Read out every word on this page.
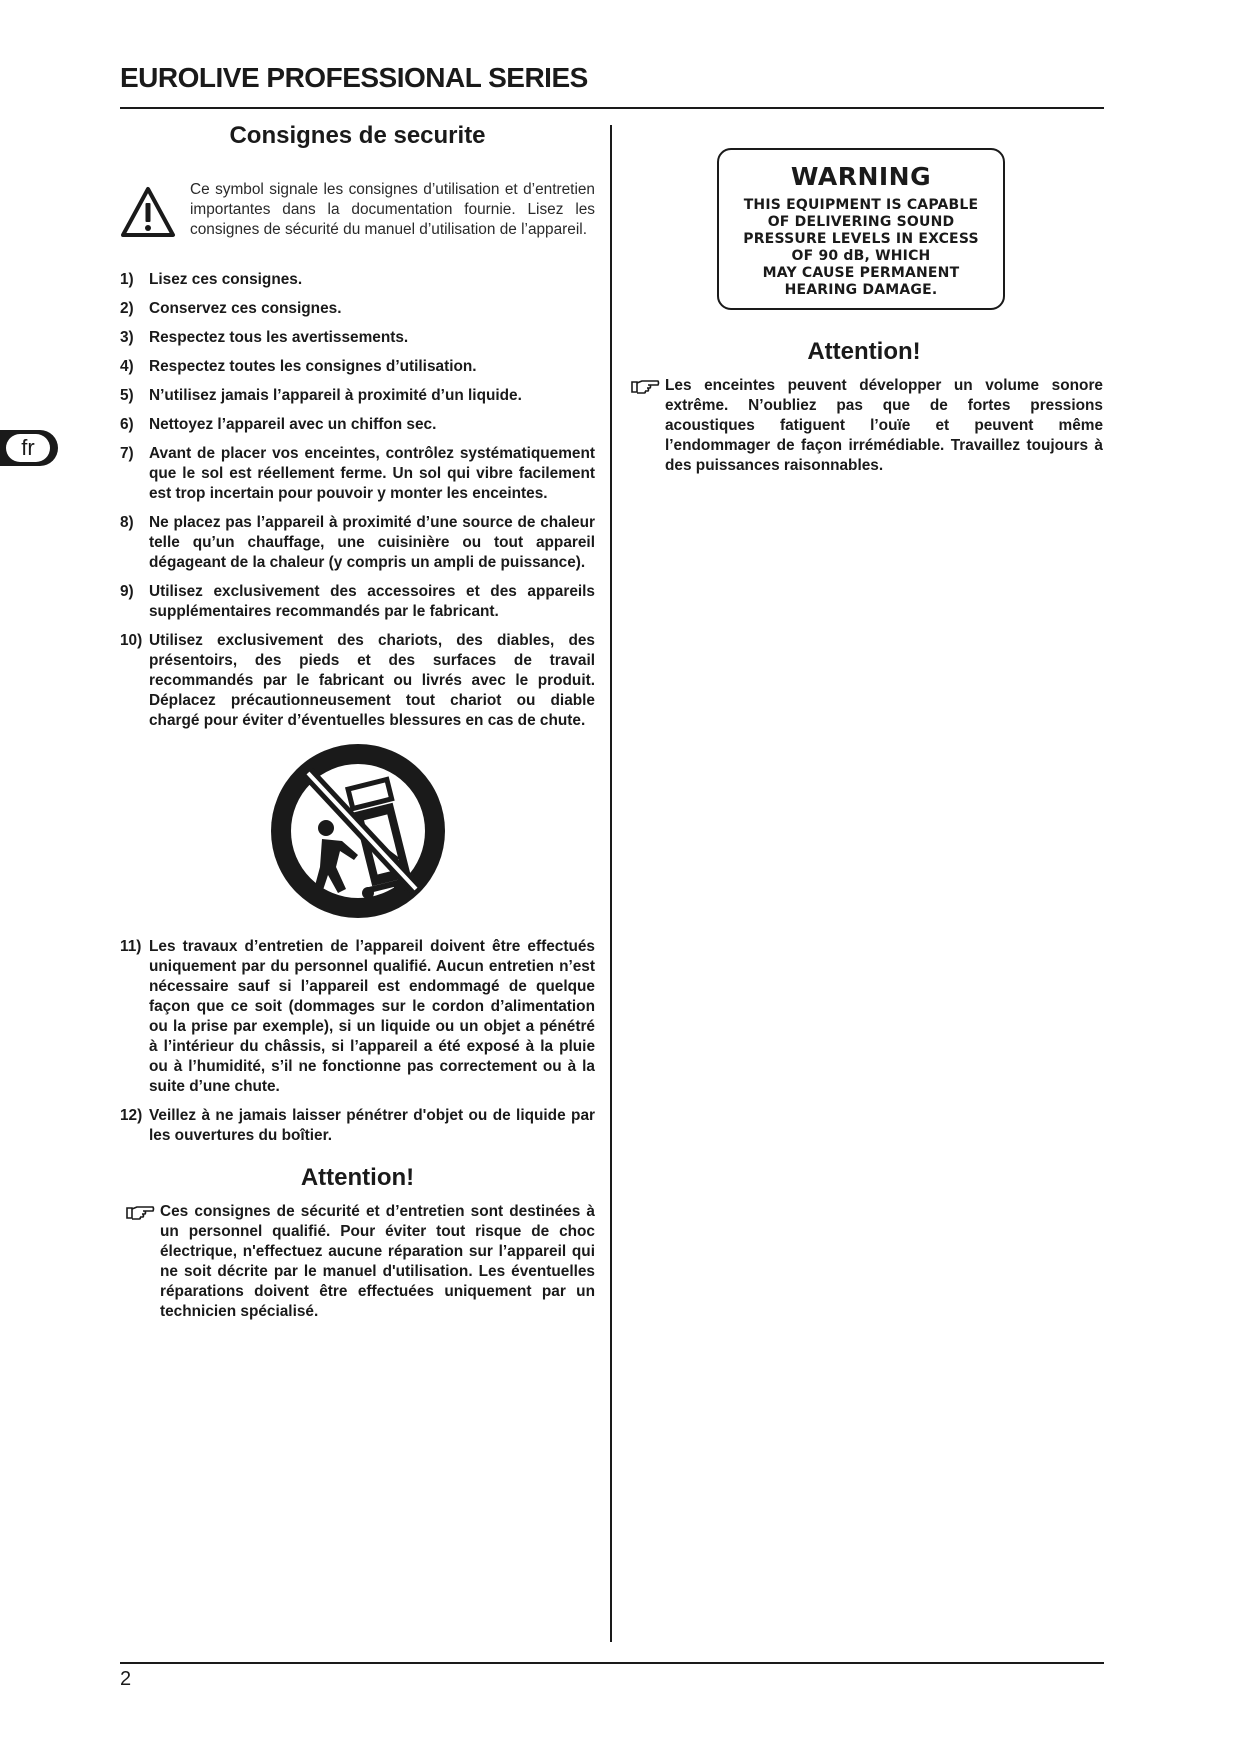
EUROLIVE PROFESSIONAL SERIES
fr
Consignes de securite
Ce symbol signale les consignes d’utilisation et d’entretien importantes dans la documentation fournie. Lisez les consignes de sécurité du manuel d’utilisation de l’appareil.
1) Lisez ces consignes.
2) Conservez ces consignes.
3) Respectez tous les avertissements.
4) Respectez toutes les consignes d’utilisation.
5) N’utilisez jamais l’appareil à proximité d’un liquide.
6) Nettoyez l’appareil avec un chiffon sec.
7) Avant de placer vos enceintes, contrôlez systématiquement que le sol est réellement ferme. Un sol qui vibre facilement est trop incertain pour pouvoir y monter les enceintes.
8) Ne placez pas l’appareil à proximité d’une source de chaleur telle qu’un chauffage, une cuisinière ou tout appareil dégageant de la chaleur (y compris un ampli de puissance).
9) Utilisez exclusivement des accessoires et des appareils supplémentaires recommandés par le fabricant.
10) Utilisez exclusivement des chariots, des diables, des présentoirs, des pieds et des surfaces de travail recommandés par le fabricant ou livrés avec le produit. Déplacez précautionneusement tout chariot ou diable chargé pour éviter d’éventuelles blessures en cas de chute.
11) Les travaux d’entretien de l’appareil doivent être effectués uniquement par du personnel qualifié. Aucun entretien n’est nécessaire sauf si l’appareil est endommagé de quelque façon que ce soit (dommages sur le cordon d’alimentation ou la prise par exemple), si un liquide ou un objet a pénétré à l’intérieur du châssis, si l’appareil a été exposé à la pluie ou à l’humidité, s’il ne fonctionne pas correctement ou à la suite d’une chute.
12) Veillez à ne jamais laisser pénétrer d'objet ou de liquide par les ouvertures du boîtier.
Attention!
Ces consignes de sécurité et d’entretien sont destinées à un personnel qualifié. Pour éviter tout risque de choc électrique, n'effectuez aucune réparation sur l’appareil qui ne soit décrite par le manuel d'utilisation. Les éventuelles réparations doivent être effectuées uniquement par un technicien spécialisé.
WARNING
THIS EQUIPMENT IS CAPABLE
OF DELIVERING SOUND
PRESSURE LEVELS IN EXCESS
OF 90 dB, WHICH
MAY CAUSE PERMANENT
HEARING DAMAGE.
Attention!
Les enceintes peuvent développer un volume sonore extrême. N’oubliez pas que de fortes pressions acoustiques fatiguent l’ouïe et peuvent même l’endommager de façon irrémédiable. Travaillez toujours à des puissances raisonnables.
2
